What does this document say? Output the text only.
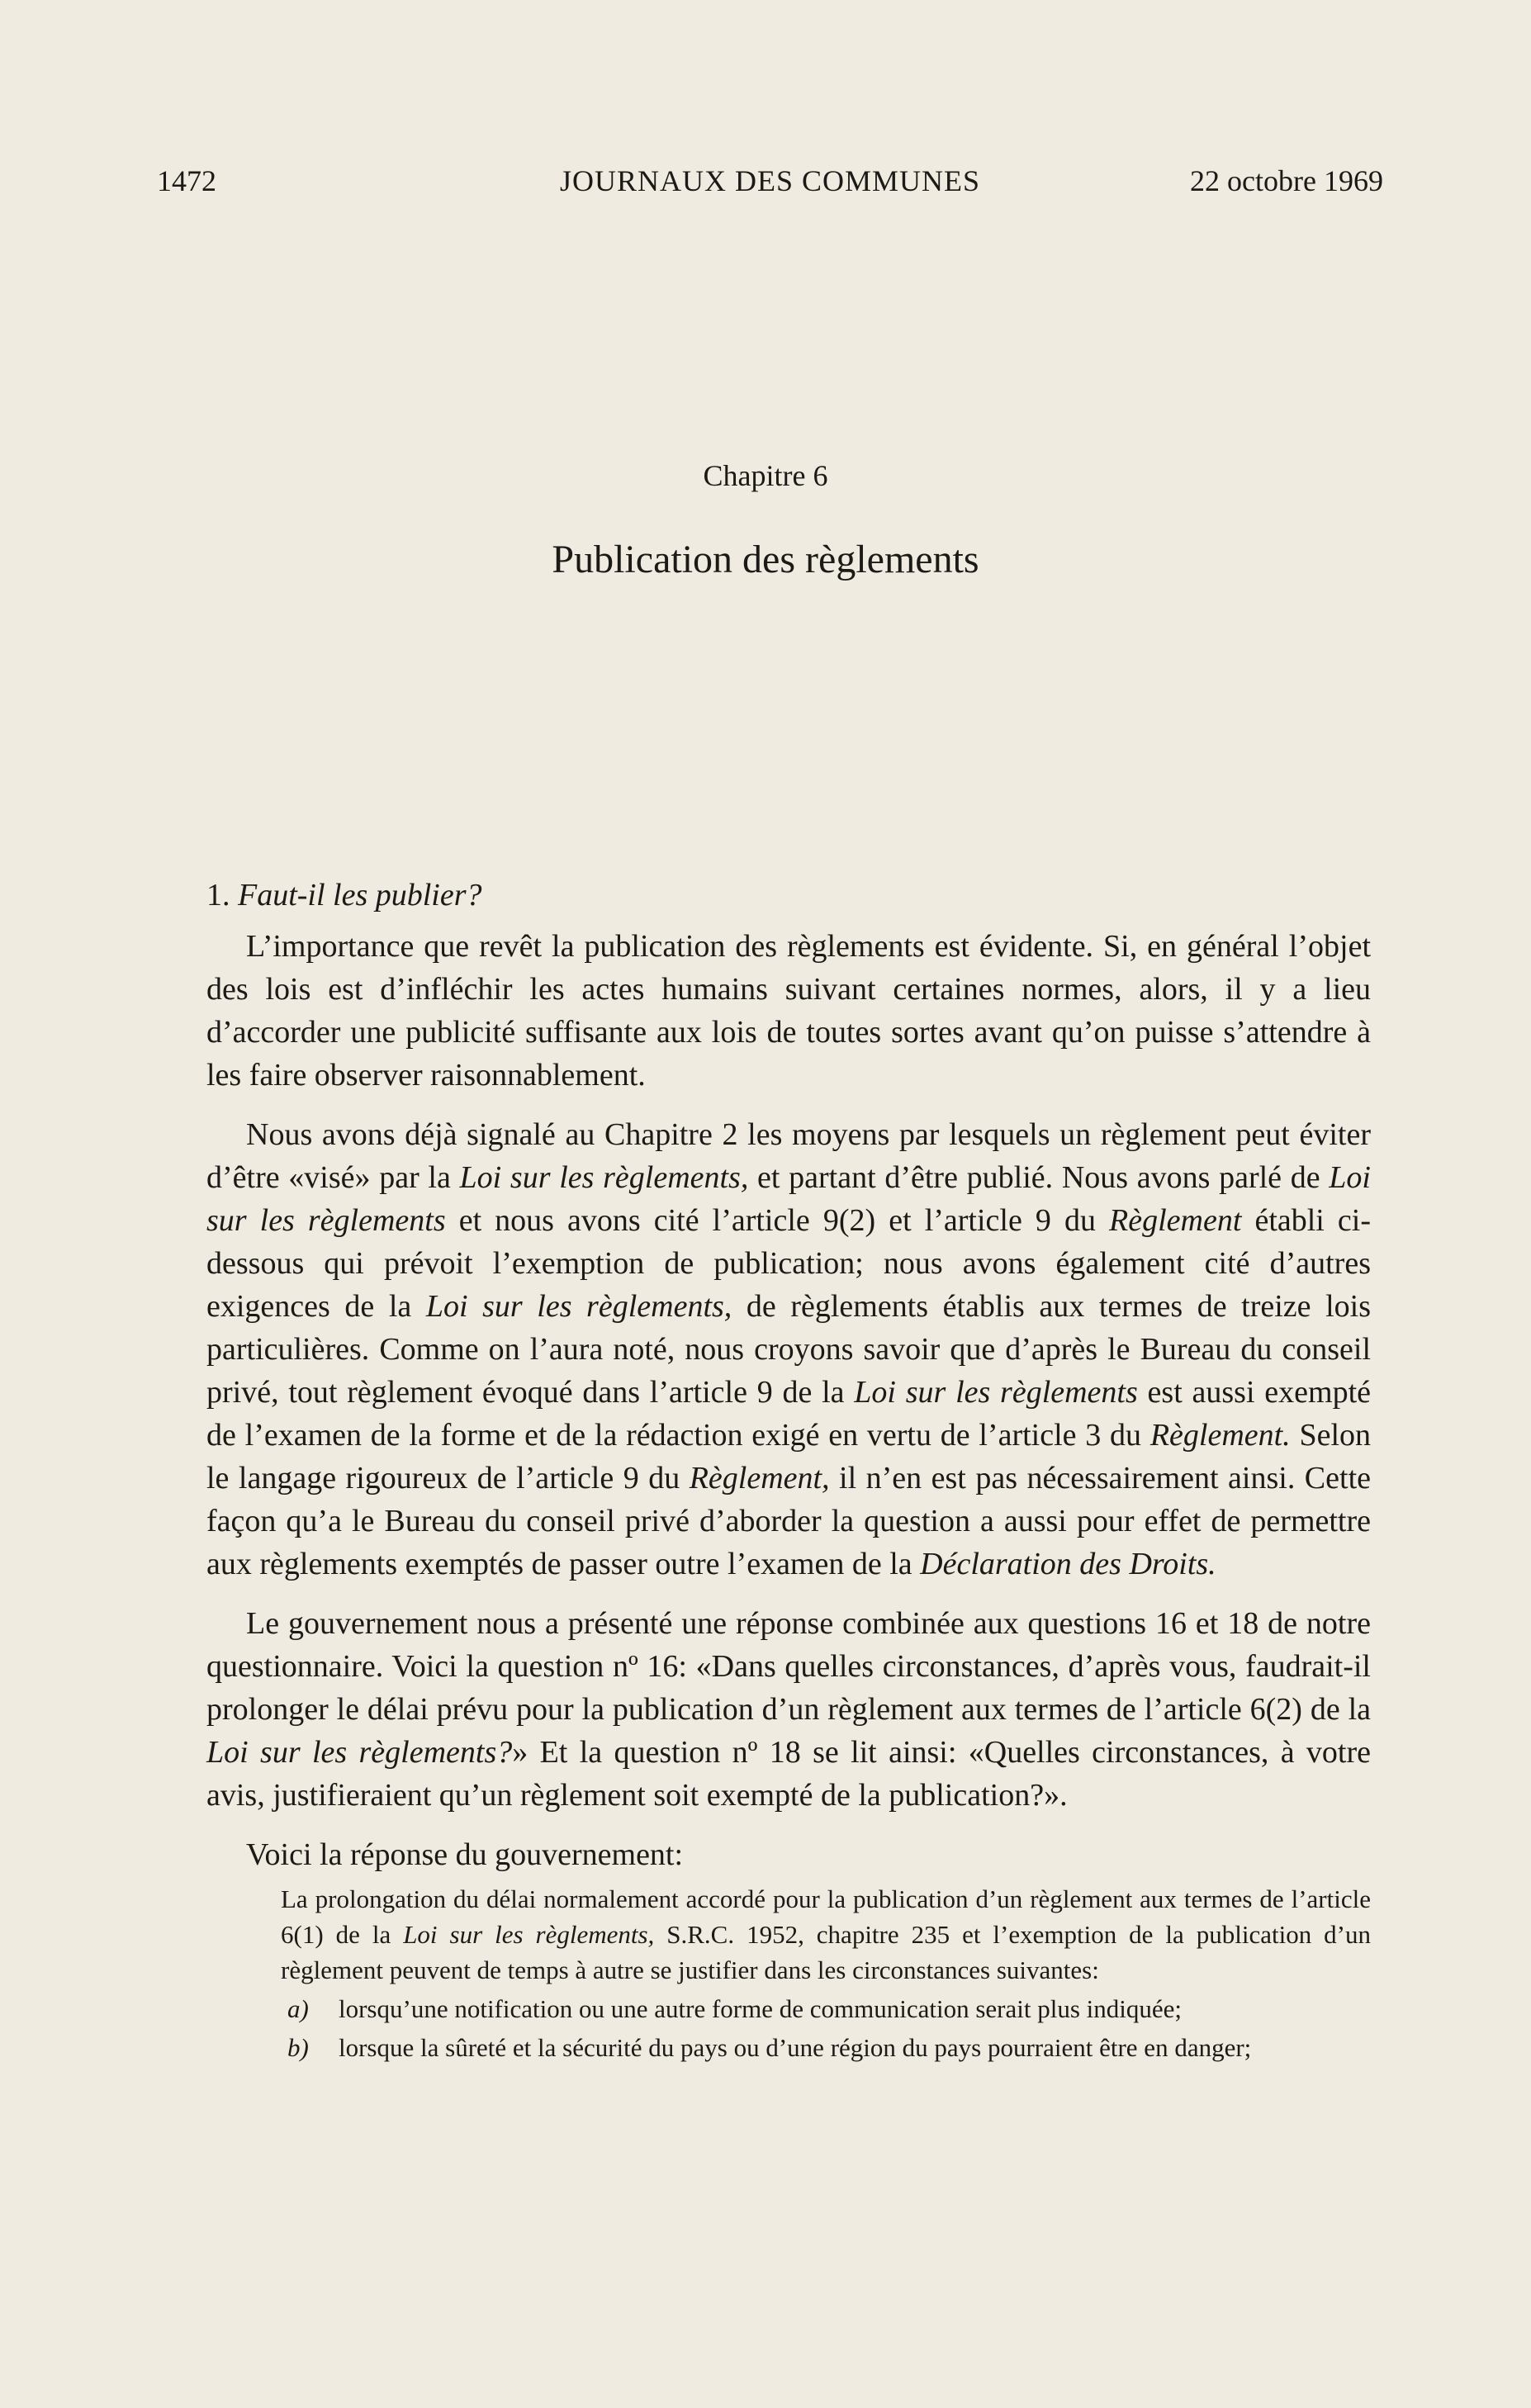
1472	JOURNAUX DES COMMUNES	22 octobre 1969
Chapitre 6
Publication des règlements
1. Faut-il les publier?

L’importance que revêt la publication des règlements est évidente. Si, en général l’objet des lois est d’infléchir les actes humains suivant certaines normes, alors, il y a lieu d’accorder une publicité suffisante aux lois de toutes sortes avant qu’on puisse s’attendre à les faire observer raisonnablement.

Nous avons déjà signalé au Chapitre 2 les moyens par lesquels un règlement peut éviter d’être «visé» par la Loi sur les règlements, et partant d’être publié. Nous avons parlé de Loi sur les règlements et nous avons cité l’article 9(2) et l’article 9 du Règlement établi ci-dessous qui prévoit l’exemption de publication; nous avons également cité d’autres exigences de la Loi sur les règlements, de règlements établis aux termes de treize lois particulières. Comme on l’aura noté, nous croyons savoir que d’après le Bureau du conseil privé, tout règlement évoqué dans l’article 9 de la Loi sur les règlements est aussi exempté de l’examen de la forme et de la rédaction exigé en vertu de l’article 3 du Règlement. Selon le langage rigoureux de l’article 9 du Règlement, il n’en est pas nécessairement ainsi. Cette façon qu’a le Bureau du conseil privé d’aborder la question a aussi pour effet de permettre aux règlements exemptés de passer outre l’examen de la Déclaration des Droits.

Le gouvernement nous a présenté une réponse combinée aux questions 16 et 18 de notre questionnaire. Voici la question nº 16: «Dans quelles circonstances, d’après vous, faudrait-il prolonger le délai prévu pour la publication d’un règlement aux termes de l’article 6(2) de la Loi sur les règlements?» Et la question nº 18 se lit ainsi: «Quelles circonstances, à votre avis, justifieraient qu’un règlement soit exempté de la publication?».

Voici la réponse du gouvernement:

La prolongation du délai normalement accordé pour la publication d’un règlement aux termes de l’article 6(1) de la Loi sur les règlements, S.R.C. 1952, chapitre 235 et l’exemption de la publication d’un règlement peuvent de temps à autre se justifier dans les circonstances suivantes:

a)	lorsqu’une notification ou une autre forme de communication serait plus indiquée;
b)	lorsque la sûreté et la sécurité du pays ou d’une région du pays pourraient être en danger;
